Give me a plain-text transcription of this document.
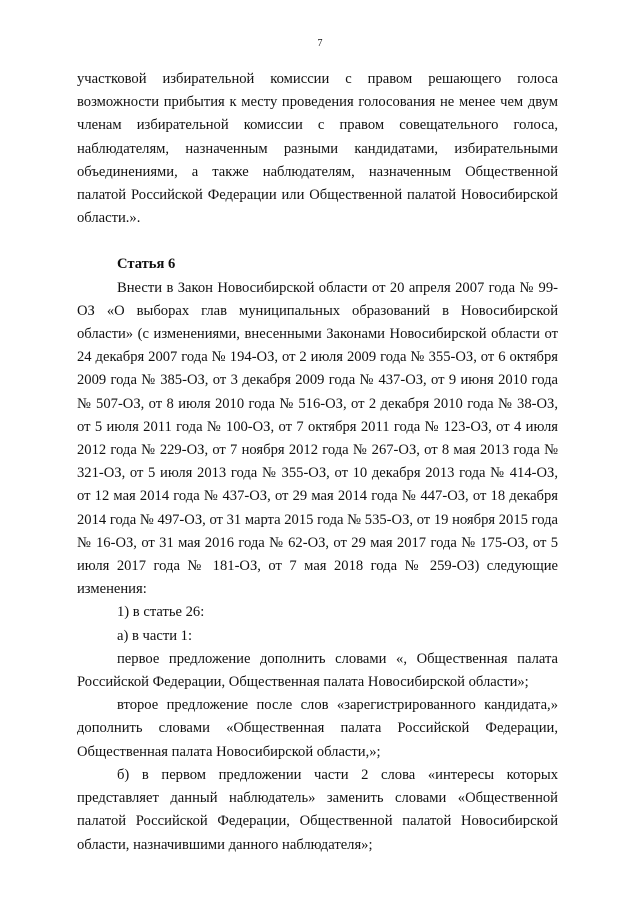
7

участковой избирательной комиссии с правом решающего голоса возможности прибытия к месту проведения голосования не менее чем двум членам избирательной комиссии с правом совещательного голоса, наблюдателям, назначенным разными кандидатами, избирательными объединениями, а также наблюдателям, назначенным Общественной палатой Российской Федерации или Общественной палатой Новосибирской области.».

Статья 6

Внести в Закон Новосибирской области от 20 апреля 2007 года № 99-ОЗ «О выборах глав муниципальных образований в Новосибирской области» (с изменениями, внесенными Законами Новосибирской области от 24 декабря 2007 года № 194-ОЗ, от 2 июля 2009 года № 355-ОЗ, от 6 октября 2009 года № 385-ОЗ, от 3 декабря 2009 года № 437-ОЗ, от 9 июня 2010 года № 507-ОЗ, от 8 июля 2010 года № 516-ОЗ, от 2 декабря 2010 года № 38-ОЗ, от 5 июля 2011 года № 100-ОЗ, от 7 октября 2011 года № 123-ОЗ, от 4 июля 2012 года № 229-ОЗ, от 7 ноября 2012 года № 267-ОЗ, от 8 мая 2013 года № 321-ОЗ, от 5 июля 2013 года № 355-ОЗ, от 10 декабря 2013 года № 414-ОЗ, от 12 мая 2014 года № 437-ОЗ, от 29 мая 2014 года № 447-ОЗ, от 18 декабря 2014 года № 497-ОЗ, от 31 марта 2015 года № 535-ОЗ, от 19 ноября 2015 года № 16-ОЗ, от 31 мая 2016 года № 62-ОЗ, от 29 мая 2017 года № 175-ОЗ, от 5 июля 2017 года № 181-ОЗ, от 7 мая 2018 года № 259-ОЗ) следующие изменения:

1) в статье 26:

а) в части 1:

первое предложение дополнить словами «, Общественная палата Российской Федерации, Общественная палата Новосибирской области»;

второе предложение после слов «зарегистрированного кандидата,» дополнить словами «Общественная палата Российской Федерации, Общественная палата Новосибирской области,»;

б) в первом предложении части 2 слова «интересы которых представляет данный наблюдатель» заменить словами «Общественной палатой Российской Федерации, Общественной палатой Новосибирской области, назначившими данного наблюдателя»;
